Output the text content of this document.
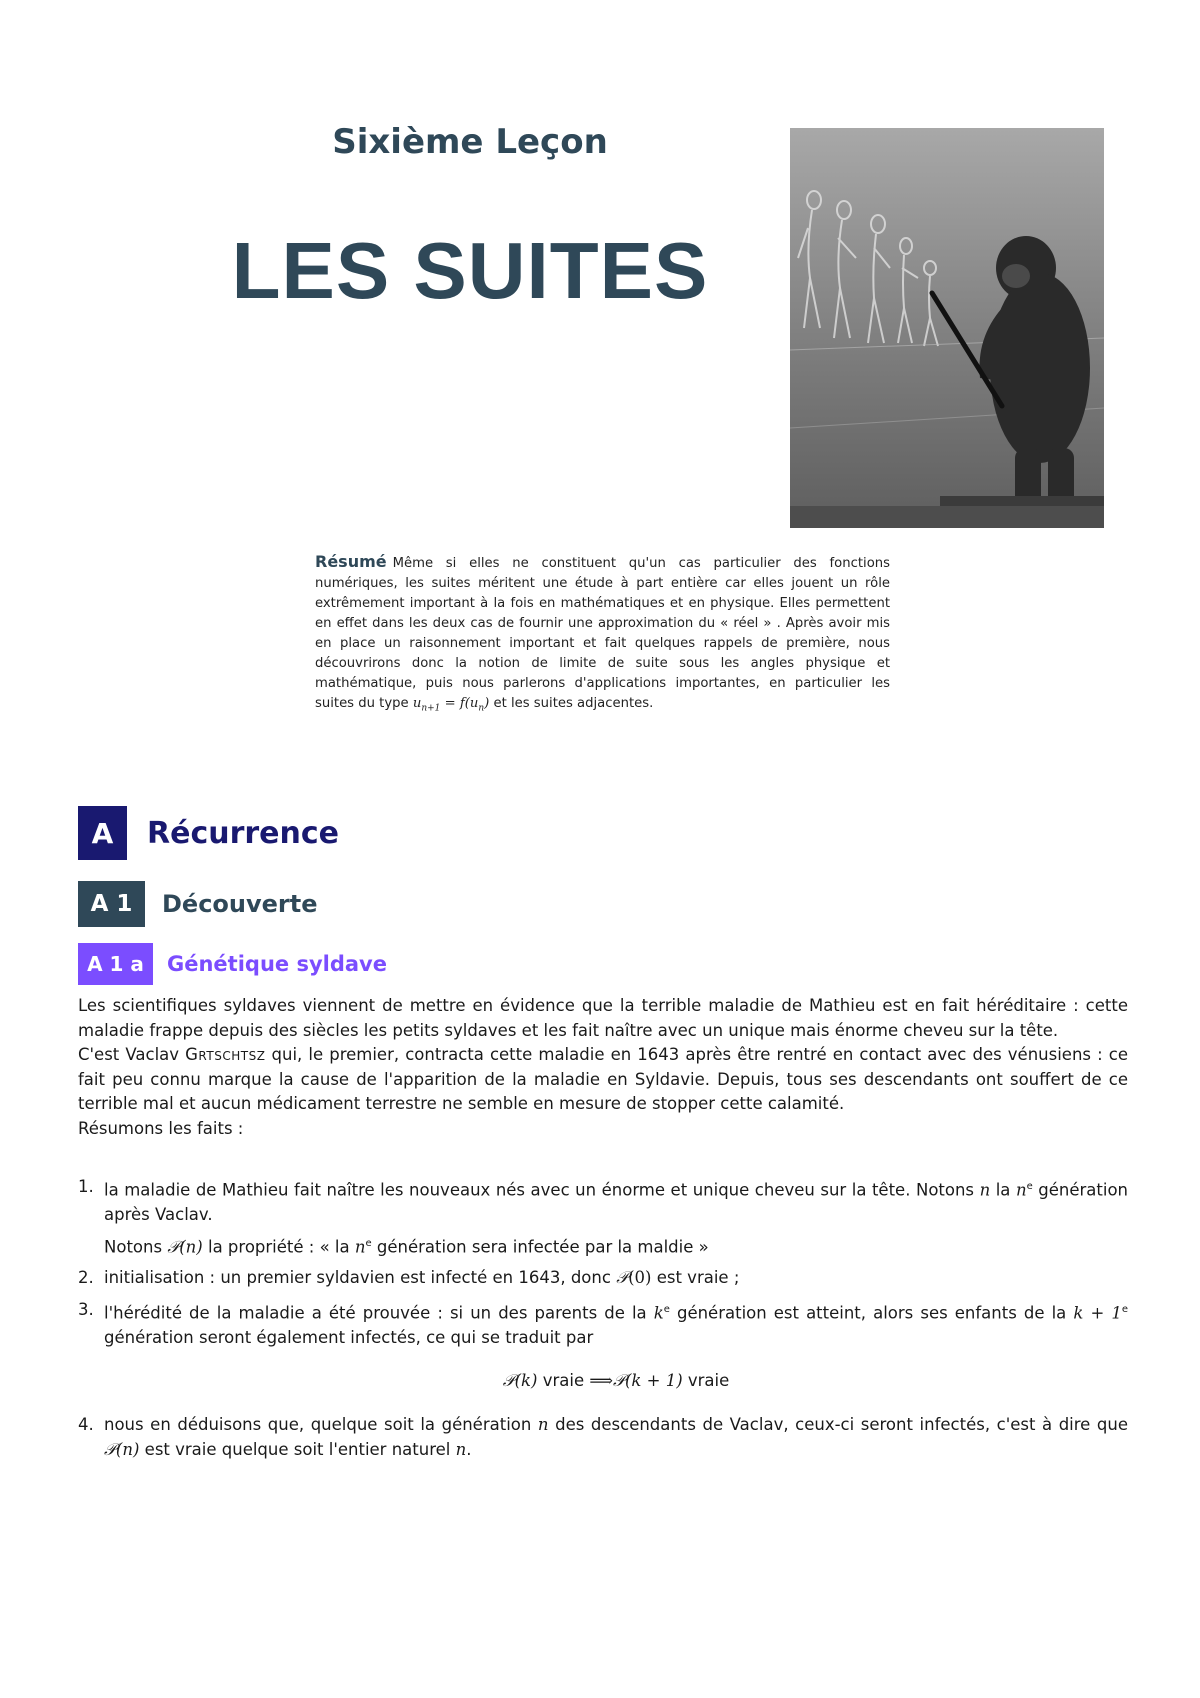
Sixième Leçon
LES SUITES
Résumé Même si elles ne constituent qu'un cas particulier des fonctions numériques, les suites méritent une étude à part entière car elles jouent un rôle extrêmement important à la fois en mathématiques et en physique. Elles permettent en effet dans les deux cas de fournir une approximation du « réel » . Après avoir mis en place un raisonnement important et fait quelques rappels de première, nous découvrirons donc la notion de limite de suite sous les angles physique et mathématique, puis nous parlerons d'applications importantes, en particulier les suites du type $u_{n+1} = f(u_n)$ et les suites adjacentes.
A	Récurrence
A 1	Découverte
A 1 a	Génétique syldave

Les scientifiques syldaves viennent de mettre en évidence que la terrible maladie de Mathieu est en fait héréditaire : cette maladie frappe depuis des siècles les petits syldaves et les fait naître avec un unique mais énorme cheveu sur la tête.

C'est Vaclav Grtschtsz qui, le premier, contracta cette maladie en 1643 après être rentré en contact avec des vénusiens : ce fait peu connu marque la cause de l'apparition de la maladie en Syldavie. Depuis, tous ses descendants ont souffert de ce terrible mal et aucun médicament terrestre ne semble en mesure de stopper cette calamité.

Résumons les faits :

1. la maladie de Mathieu fait naître les nouveaux nés avec un énorme et unique cheveu sur la tête. Notons n la $n^e$ génération après Vaclav.
Notons 𝒫(n) la propriété : « la $n^e$ génération sera infectée par la maldie »
2. initialisation : un premier syldavien est infecté en 1643, donc 𝒫(0) est vraie ;
3. l'hérédité de la maladie a été prouvée : si un des parents de la $k^e$ génération est atteint, alors ses enfants de la $k + 1^e$ génération seront également infectés, ce qui se traduit par
𝒫(k) vraie ⟹𝒫(k + 1) vraie
4. nous en déduisons que, quelque soit la génération n des descendants de Vaclav, ceux-ci seront infectés, c'est à dire que 𝒫(n) est vraie quelque soit l'entier naturel n.
